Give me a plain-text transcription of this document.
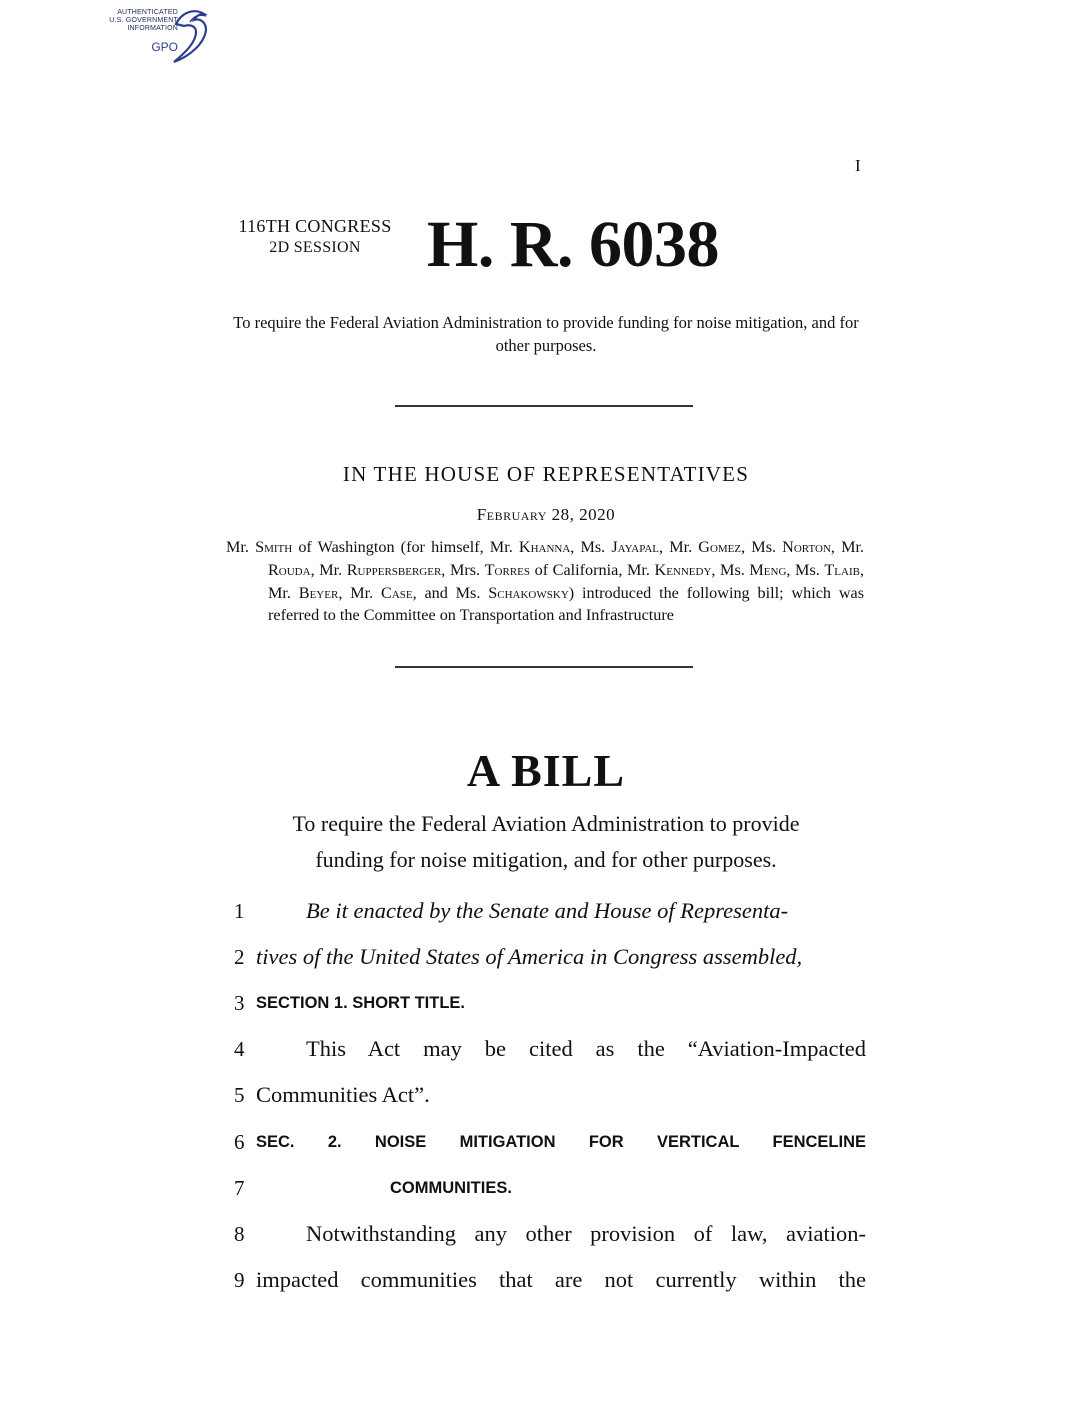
AUTHENTICATED
U.S. GOVERNMENT
INFORMATION
GPO
I
116TH CONGRESS
2D SESSION	H. R. 6038
To require the Federal Aviation Administration to provide funding for noise mitigation, and for other purposes.
IN THE HOUSE OF REPRESENTATIVES
February 28, 2020
Mr. Smith of Washington (for himself, Mr. Khanna, Ms. Jayapal, Mr. Gomez, Ms. Norton, Mr. Rouda, Mr. Ruppersberger, Mrs. Torres of California, Mr. Kennedy, Ms. Meng, Ms. Tlaib, Mr. Beyer, Mr. Case, and Ms. Schakowsky) introduced the following bill; which was referred to the Committee on Transportation and Infrastructure
A BILL
To require the Federal Aviation Administration to provide
funding for noise mitigation, and for other purposes.
1	Be it enacted by the Senate and House of Representa-
2 tives of the United States of America in Congress assembled,
3 SECTION 1. SHORT TITLE.
4	This Act may be cited as the “Aviation-Impacted
5 Communities Act”.
6 SEC. 2. NOISE MITIGATION FOR VERTICAL FENCELINE
7	COMMUNITIES.
8	Notwithstanding any other provision of law, aviation-
9 impacted communities that are not currently within the
